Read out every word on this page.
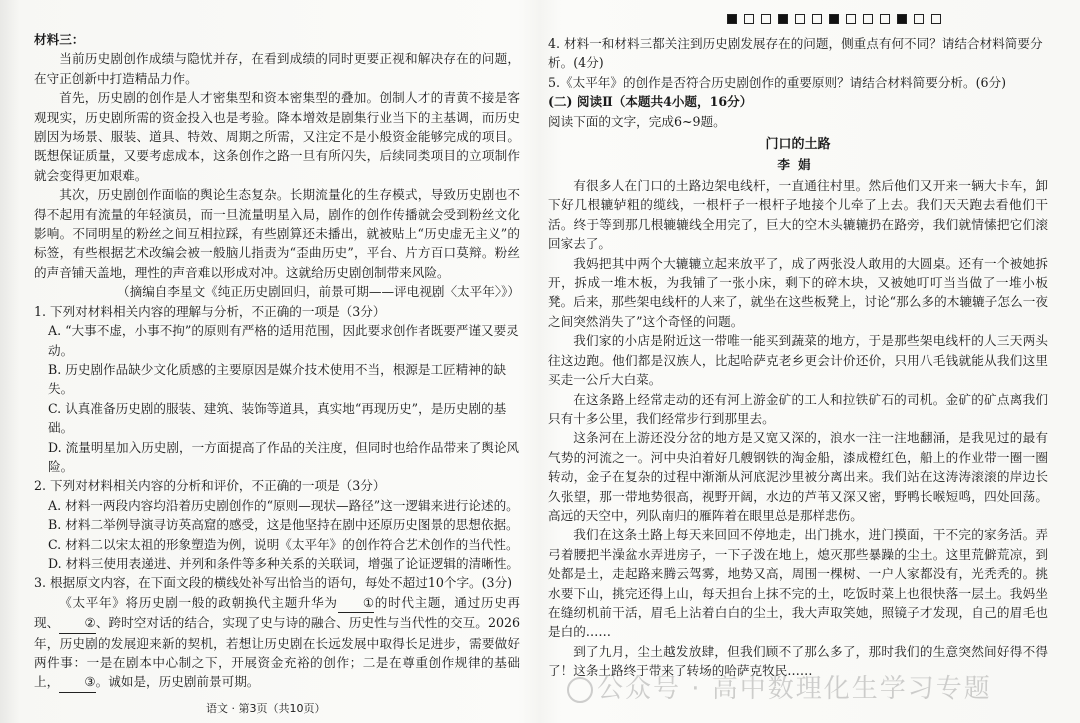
材料三：

当前历史剧创作成绩与隐忧并存，在看到成绩的同时更要正视和解决存在的问题，在守正创新中打造精品力作。

首先，历史剧的创作是人才密集型和资本密集型的叠加。创制人才的青黄不接是客观现实，历史剧所需的资金投入也是考验。降本增效是剧集行业当下的主基调，而历史剧因为场景、服装、道具、特效、周期之所需，又注定不是小般资金能够完成的项目。既想保证质量，又要考虑成本，这条创作之路一旦有所闪失，后续同类项目的立项制作就会变得更加艰难。

其次，历史剧创作面临的舆论生态复杂。长期流量化的生存模式，导致历史剧也不得不起用有流量的年轻演员，而一旦流量明星入局，剧作的创作传播就会受到粉丝文化影响。不同明星的粉丝之间互相拉踩，有些剧算还未播出，就被贴上“历史虚无主义”的标签，有些根据艺术改编会被一般脑儿指责为“歪曲历史”，平台、片方百口莫辩。粉丝的声音铺天盖地，理性的声音难以形成对冲。这就给历史剧创制带来风险。

（摘编自李星文《纯正历史剧回归，前景可期——评电视剧〈太平年〉》）

1. 下列对材料相关内容的理解与分析，不正确的一项是（3分）

A. “大事不虚，小事不拘”的原则有严格的适用范围，因此要求创作者既要严谨又要灵动。

B. 历史剧作品缺少文化质感的主要原因是媒介技术使用不当，根源是工匠精神的缺失。

C. 认真准备历史剧的服装、建筑、装饰等道具，真实地“再现历史”，是历史剧的基础。

D. 流量明星加入历史剧，一方面提高了作品的关注度，但同时也给作品带来了舆论风险。

2. 下列对材料相关内容的分析和评价，不正确的一项是（3分）

A. 材料一两段内容均沿着历史剧创作的“原则—现状—路径”这一逻辑来进行论述的。

B. 材料二举例导演寻访英高窟的感受，这是他坚持在剧中还原历史图景的思想依据。

C. 材料二以宋太祖的形象塑造为例，说明《太平年》的创作符合艺术创作的当代性。

D. 材料三使用表递进、并列和条件等多种关系的关联词，增强了论证逻辑的清晰性。

3. 根据原文内容，在下面文段的横线处补写出恰当的语句，每处不超过10个字。(3分)

《太平年》将历史剧一般的政朝换代主题升华为 ①的时代主题，通过历史再现、 ②、跨时空对话的结合，实现了史与诗的融合、历史性与当代性的交互。2026年，历史剧的发展迎来新的契机，若想让历史剧在长远发展中取得长足进步，需要做好两件事：一是在剧本中心制之下，开展资金充裕的创作；二是在尊重创作规律的基础上， ③。诚如是，历史剧前景可期。

语文 · 第3页（共10页）

4. 材料一和材料三都关注到历史剧发展存在的问题，侧重点有何不同？请结合材料简要分析。(4分)

5.《太平年》的创作是否符合历史剧创作的重要原则？请结合材料简要分析。(6分)

(二) 阅读Ⅱ（本题共4小题，16分）

阅读下面的文字，完成6~9题。

门口的土路

李娟

有很多人在门口的土路边架电线杆，一直通往村里。然后他们又开来一辆大卡车，卸下好几根辘轳粗的缆线，一根杆子一根杆子地接个儿牵了上去。我们天天跑去看他们干活。终于等到那几根辘辘线全用完了，巨大的空木头辘辘扔在路旁，我们就情愫把它们滚回家去了。

我妈把其中两个大辘辘立起来放平了，成了两张没人敢用的大圆桌。还有一个被她拆开，拆成一堆木板，为我铺了一张小床，剩下的碎木块，又被她叮叮当当做了一堆小板凳。后来，那些架电线杆的人来了，就坐在这些板凳上，讨论“那么多的木辘辘子怎么一夜之间突然消失了”这个奇怪的问题。

我们家的小店是附近这一带唯一能买到蔬菜的地方，于是那些架电线杆的人三天两头往这边跑。他们都是汉族人，比起哈萨克老乡更会计价还价，只用八毛钱就能从我们这里买走一公斤大白菜。

在这条路上经常走动的还有河上游金矿的工人和拉铁矿石的司机。金矿的矿点离我们只有十多公里，我们经常步行到那里去。

这条河在上游还没分岔的地方是又宽又深的，浪水一注一注地翻涌，是我见过的最有气势的河流之一。河中央泊着好几艘钢铁的淘金船，漆成橙红色，船上的作业带一圈一圈转动，金子在复杂的过程中渐渐从河底泥沙里被分离出来。我们站在这涛涛滚滚的岸边长久张望，那一带地势很高，视野开阔，水边的芦苇又深又密，野鸭长喉短鸣，四处回荡。高远的天空中，列队南归的雁阵着在眼里总是那样悲伤。

我们在这条土路上每天来回回不停地走，出门挑水，进门摸面，干不完的家务活。弄弓着腰把半澡盆水弄进房子，一下子泼在地上，熄灭那些暴躁的尘土。这里荒僻荒凉，到处都是土，走起路来腾云驾雾，地势又高，周围一棵树、一户人家都没有，光秃秃的。挑水要下山，挑完还得上山，每天担台上抹不完的土，吃饭时菜上也很快落一层土。我妈坐在缝纫机前干活，眉毛上沾着白白的尘土，我大声取笑她，照镜子才发现，自己的眉毛也是白的……

到了九月，尘土越发放肆，但我们顾不了那么多了，那时我们的生意突然间好得不得了！这条土路终于带来了转场的哈萨克牧民……

公众号 · 高中数理化生学习专题
